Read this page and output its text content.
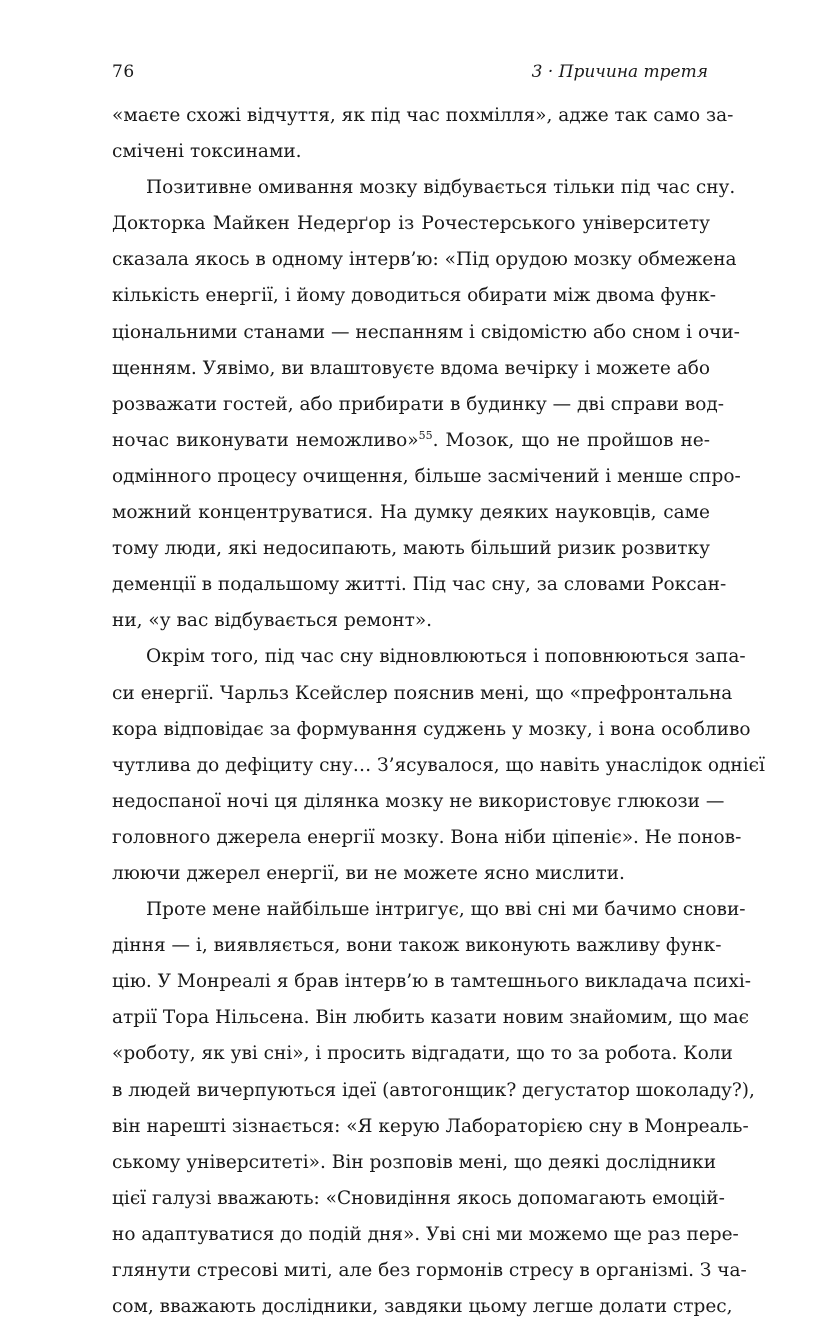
76	3 · Причина третя
«маєте схожі відчуття, як під час похмілля», адже так само за-
смічені токсинами.
Позитивне омивання мозку відбувається тільки під час сну.
Докторка Майкен Недерґор із Рочестерського університету
сказала якось в одному інтерв’ю: «Під орудою мозку обмежена
кількість енергії, і йому доводиться обирати між двома функ-
ціональними станами — неспанням і свідомістю або сном і очи-
щенням. Уявімо, ви влаштовуєте вдома вечірку і можете або
розважати гостей, або прибирати в будинку — дві справи вод-
ночас виконувати неможливо»$^{55}$. Мозок, що не пройшов не-
одмінного процесу очищення, більше засмічений і менше спро-
можний концентруватися. На думку деяких науковців, саме
тому люди, які недосипають, мають більший ризик розвитку
деменції в подальшому житті. Під час сну, за словами Роксан-
ни, «у вас відбувається ремонт».
Окрім того, під час сну відновлюються і поповнюються запа-
си енергії. Чарльз Ксейслер пояснив мені, що «префронтальна
кора відповідає за формування суджень у мозку, і вона особливо
чутлива до дефіциту сну… З’ясувалося, що навіть унаслідок однієї
недоспаної ночі ця ділянка мозку не використовує глюкози —
головного джерела енергії мозку. Вона ніби ціпеніє». Не понов-
люючи джерел енергії, ви не можете ясно мислити.
Проте мене найбільше інтригує, що вві сні ми бачимо снови-
діння — і, виявляється, вони також виконують важливу функ-
цію. У Монреалі я брав інтерв’ю в тамтешнього викладача психі-
атрії Тора Нільсена. Він любить казати новим знайомим, що має
«роботу, як уві сні», і просить відгадати, що то за робота. Коли
в людей вичерпуються ідеї (автогонщик? дегустатор шоколаду?),
він нарешті зізнається: «Я керую Лабораторією сну в Монреаль-
ському університеті». Він розповів мені, що деякі дослідники
цієї галузі вважають: «Сновидіння якось допомагають емоцій-
но адаптуватися до подій дня». Уві сні ми можемо ще раз пере-
глянути стресові миті, але без гормонів стресу в організмі. З ча-
сом, вважають дослідники, завдяки цьому легше долати стрес,
